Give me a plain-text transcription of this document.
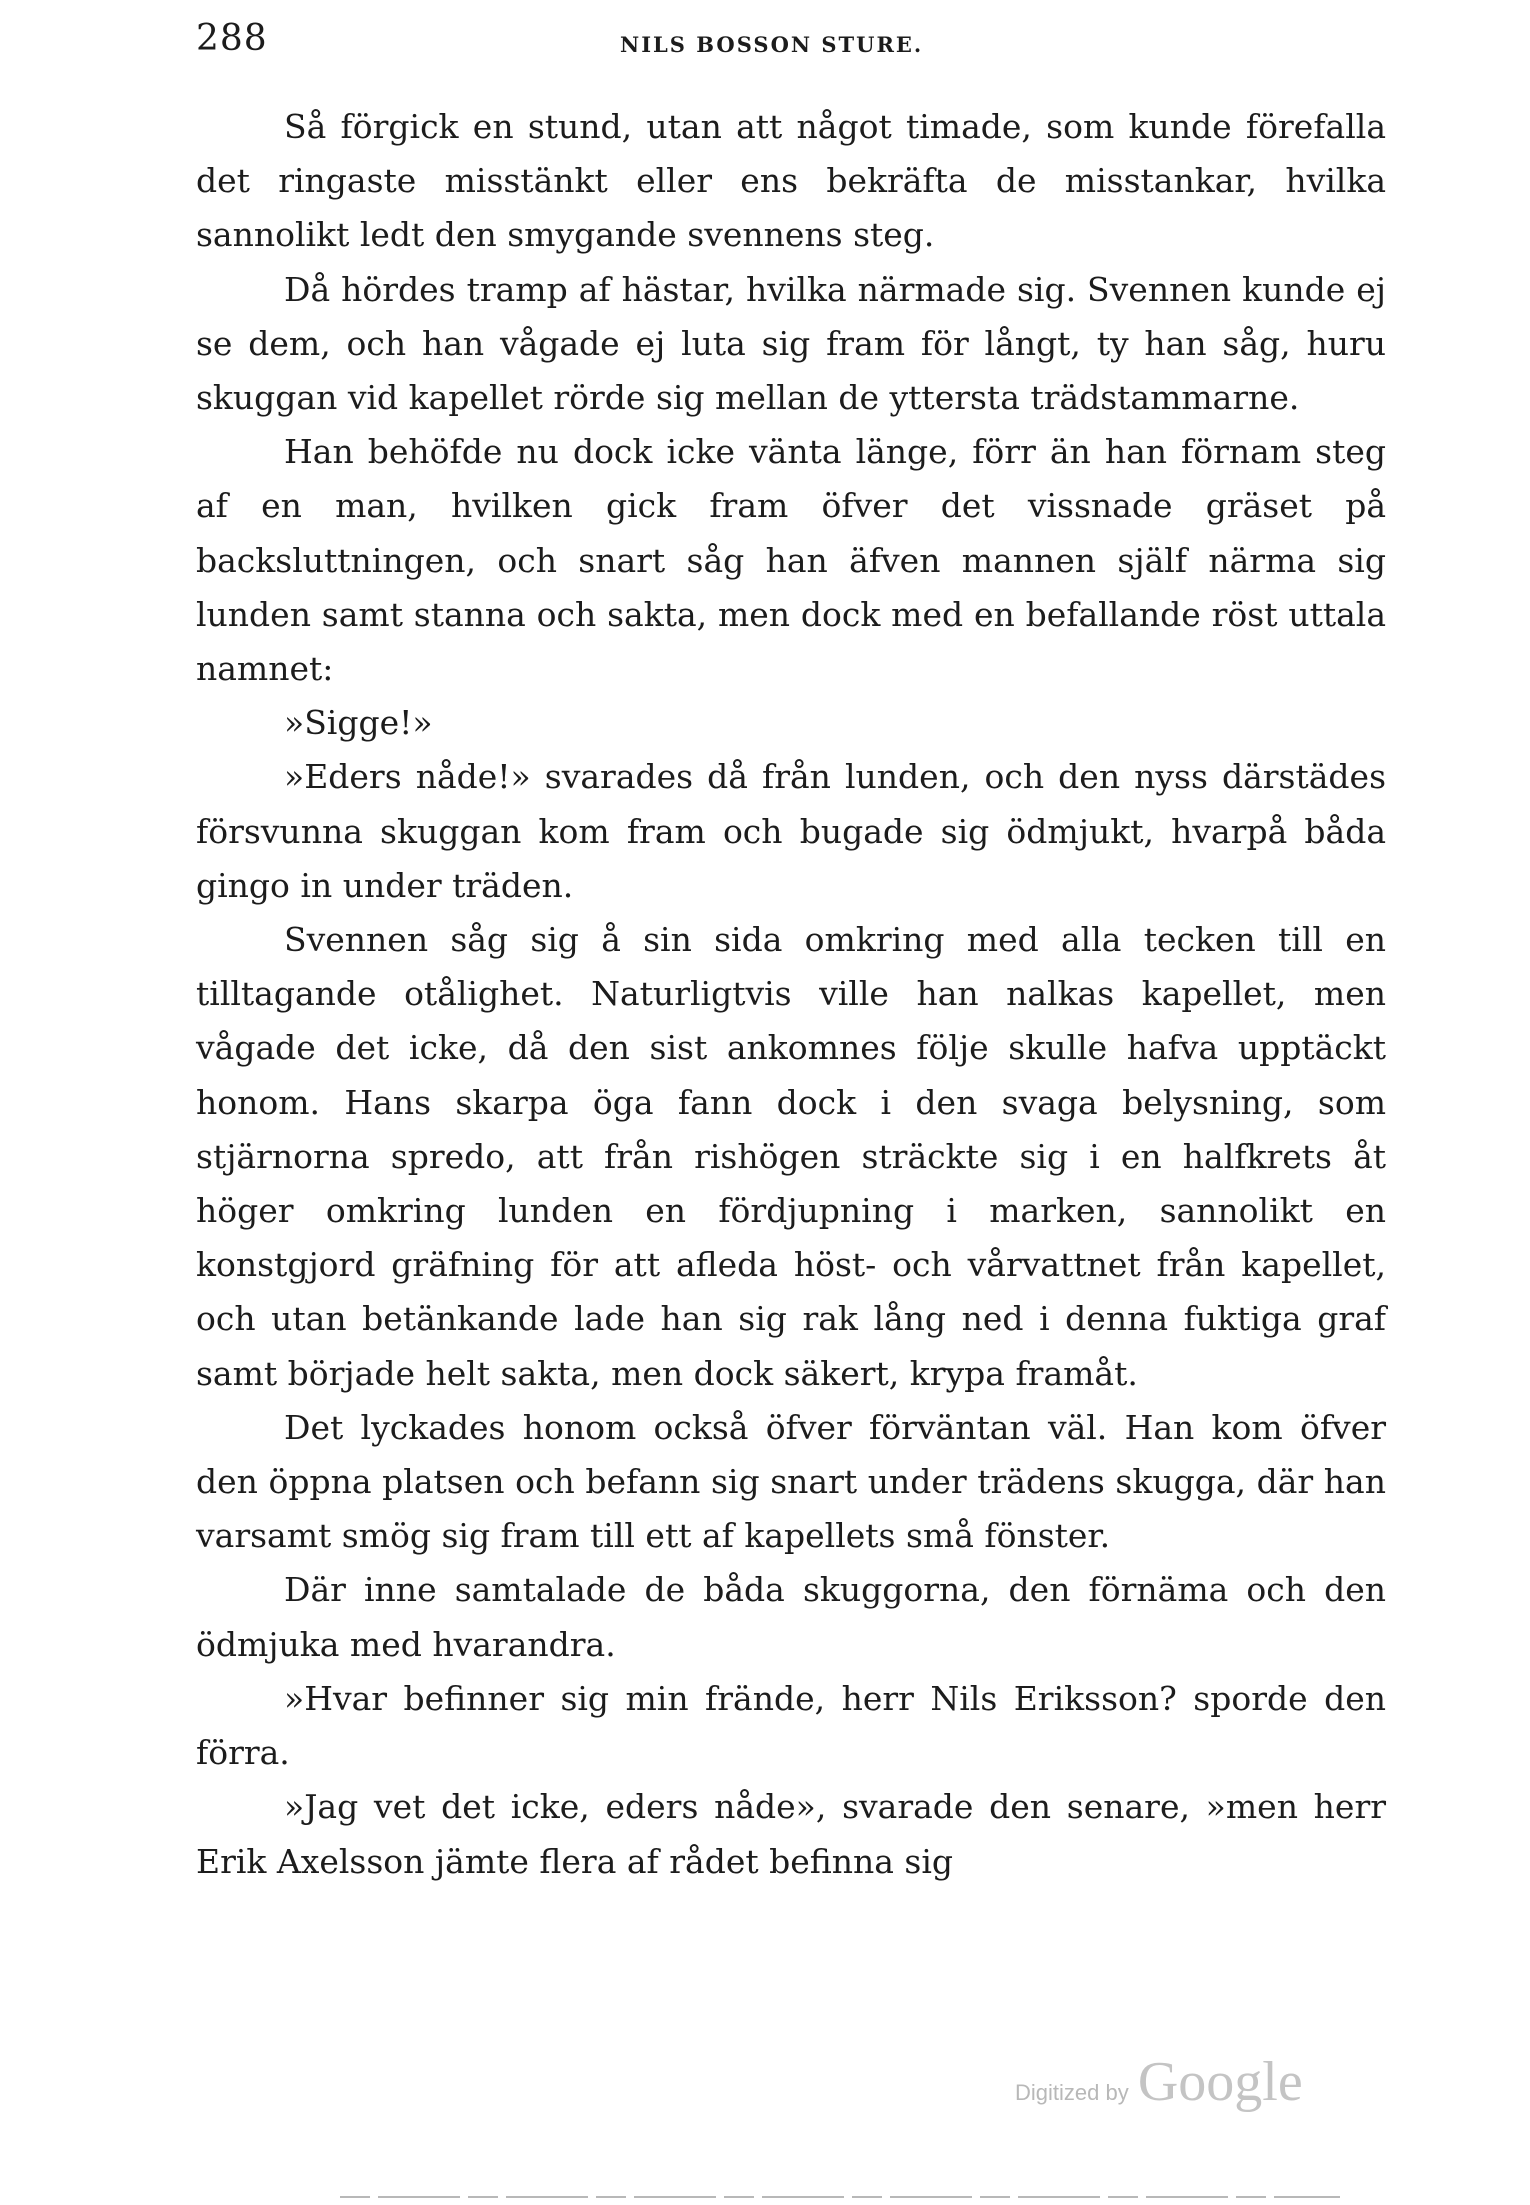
288	NILS BOSSON STURE.

Så förgick en stund, utan att något timade, som kunde förefalla det ringaste misstänkt eller ens bekräfta de misstankar, hvilka sannolikt ledt den smygande svennens steg.

Då hördes tramp af hästar, hvilka närmade sig. Svennen kunde ej se dem, och han vågade ej luta sig fram för långt, ty han såg, huru skuggan vid kapellet rörde sig mellan de yttersta trädstammarne.

Han behöfde nu dock icke vänta länge, förr än han förnam steg af en man, hvilken gick fram öfver det vissnade gräset på backsluttningen, och snart såg han äfven mannen själf närma sig lunden samt stanna och sakta, men dock med en befallande röst uttala namnet:

»Sigge!»

»Eders nåde!» svarades då från lunden, och den nyss därstädes försvunna skuggan kom fram och bugade sig ödmjukt, hvarpå båda gingo in under träden.

Svennen såg sig å sin sida omkring med alla tecken till en tilltagande otålighet. Naturligtvis ville han nalkas kapellet, men vågade det icke, då den sist ankomnes följe skulle hafva upptäckt honom. Hans skarpa öga fann dock i den svaga belysning, som stjärnorna spredo, att från rishögen sträckte sig i en halfkrets åt höger omkring lunden en fördjupning i marken, sannolikt en konstgjord gräfning för att afleda höst- och vårvattnet från kapellet, och utan betänkande lade han sig rak lång ned i denna fuktiga graf samt började helt sakta, men dock säkert, krypa framåt.

Det lyckades honom också öfver förväntan väl. Han kom öfver den öppna platsen och befann sig snart under trädens skugga, där han varsamt smög sig fram till ett af kapellets små fönster.

Där inne samtalade de båda skuggorna, den förnäma och den ödmjuka med hvarandra.

»Hvar befinner sig min frände, herr Nils Eriksson? sporde den förra.

»Jag vet det icke, eders nåde», svarade den senare, »men herr Erik Axelsson jämte flera af rådet befinna sig

Digitized by Google
